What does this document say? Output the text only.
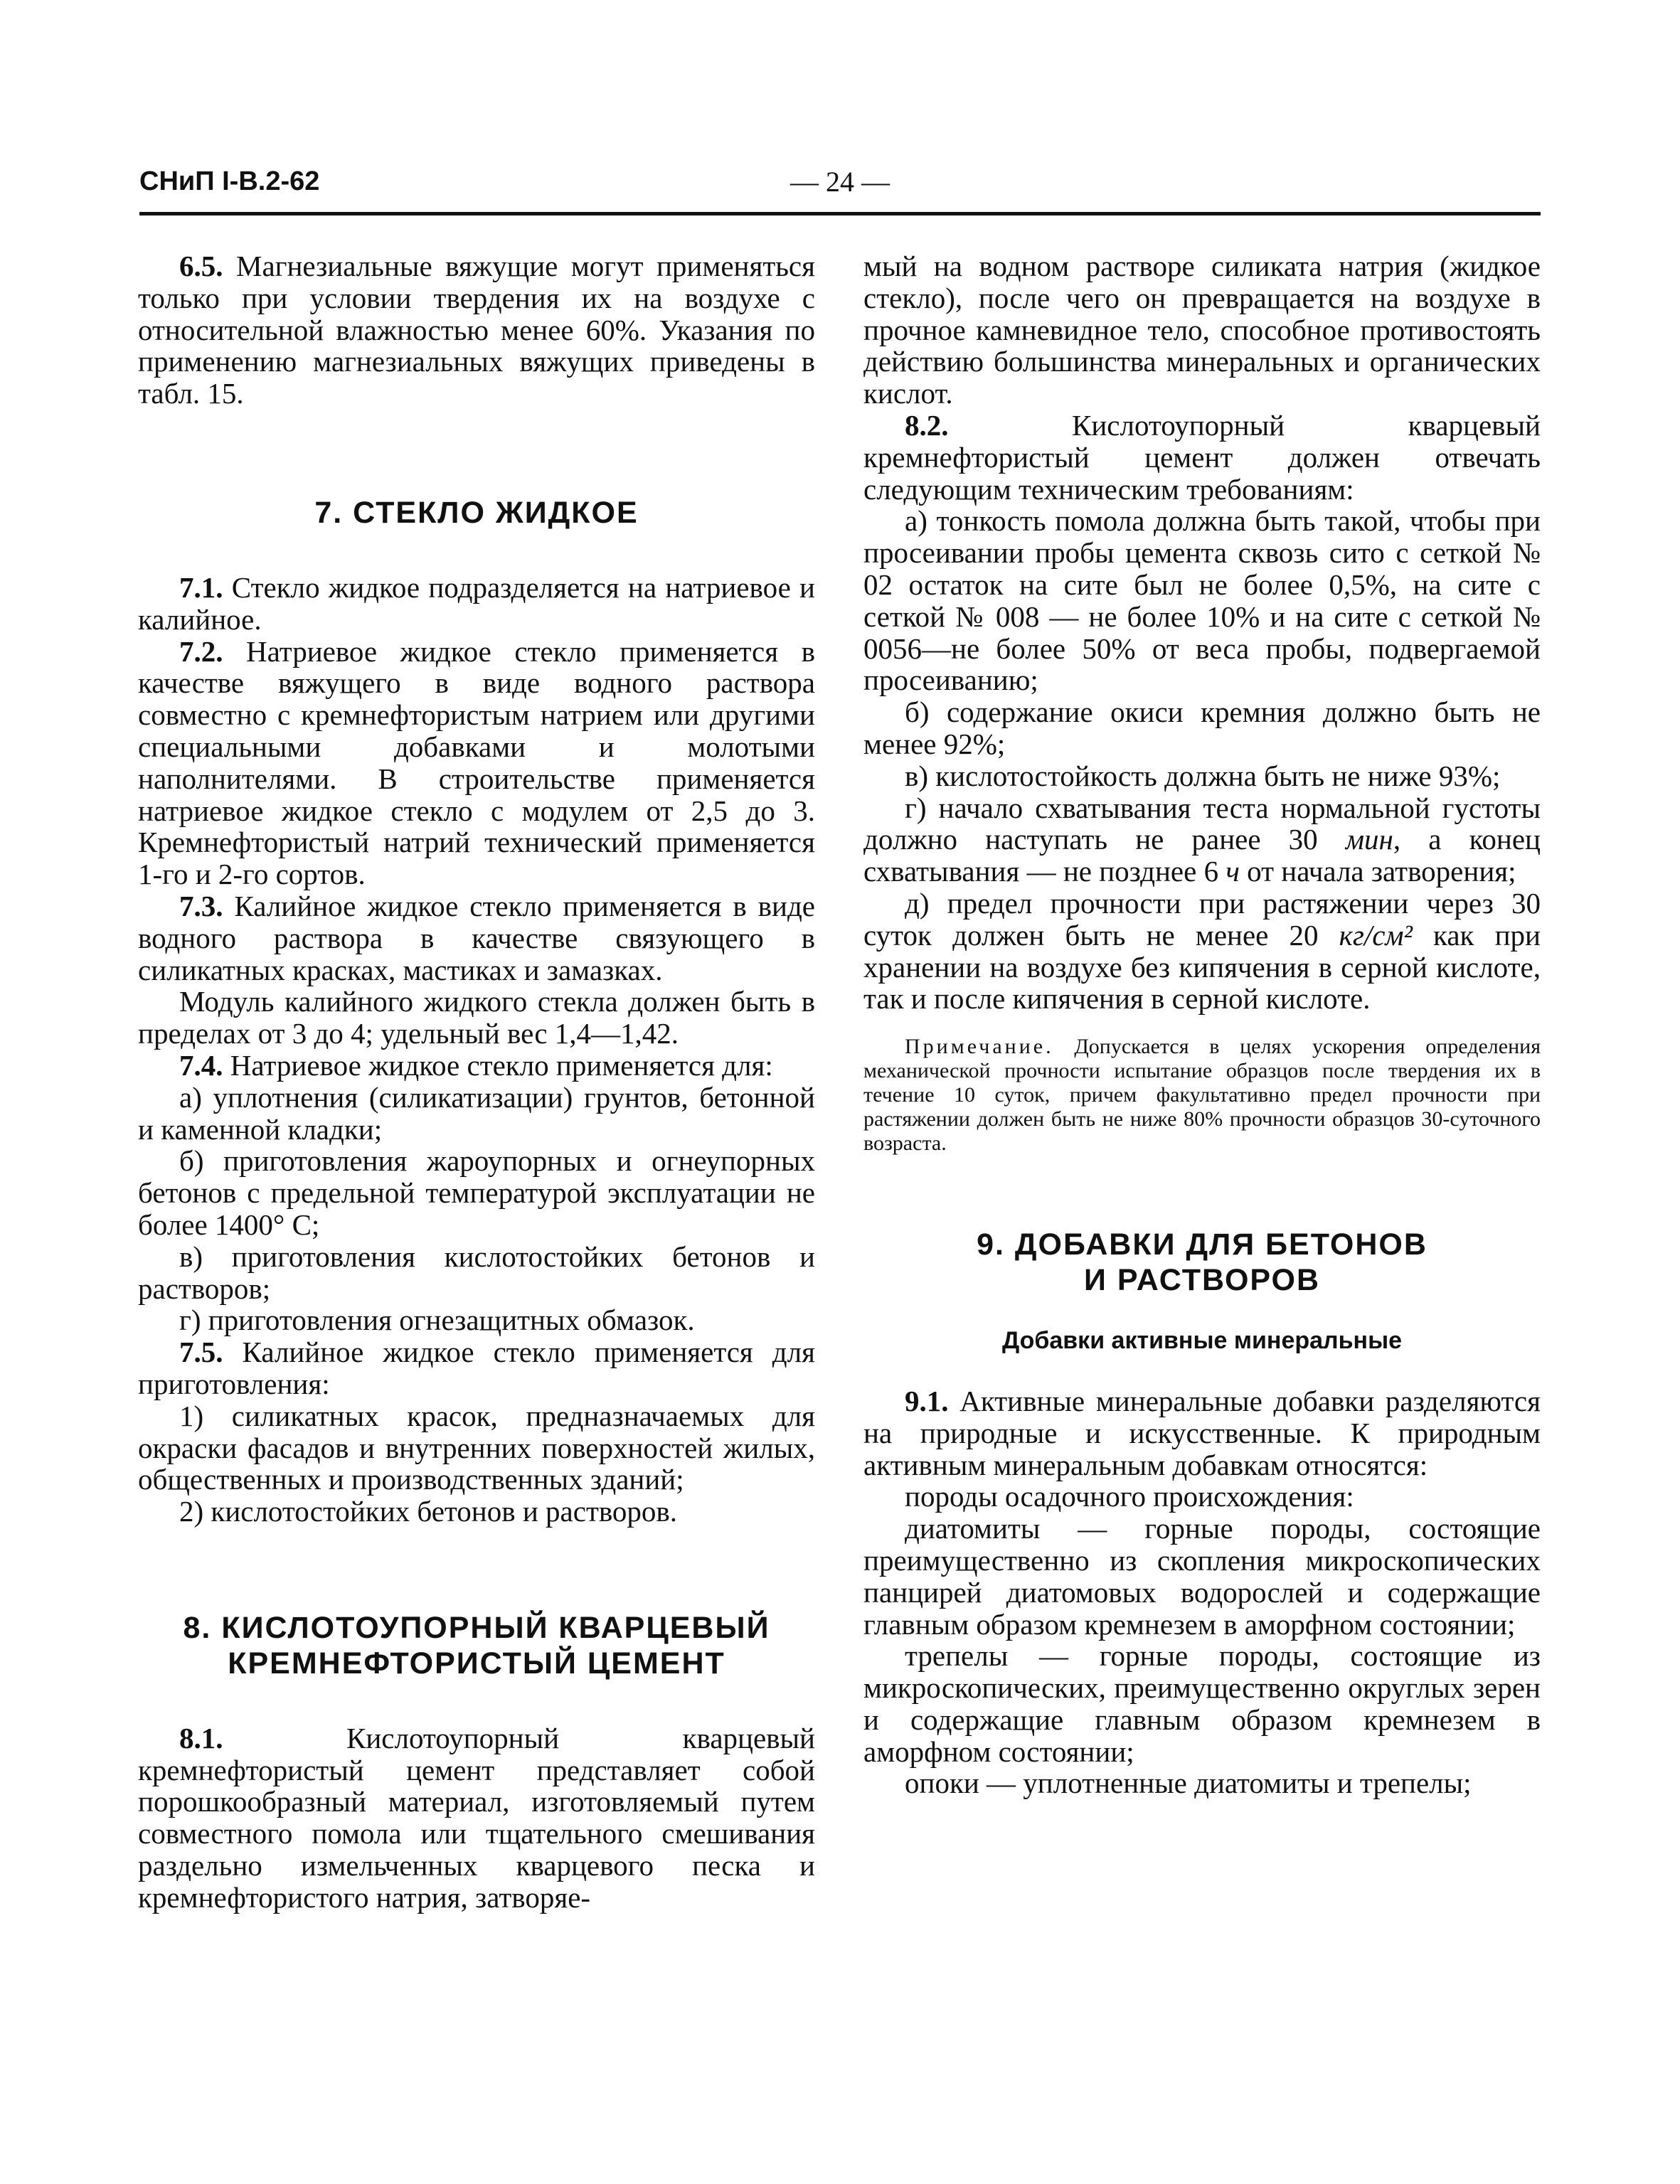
СНиП I-В.2-62	— 24 —

6.5. Магнезиальные вяжущие могут применяться только при условии твердения их на воздухе с относительной влажностью менее 60%. Указания по применению магнезиальных вяжущих приведены в табл. 15.

7. СТЕКЛО ЖИДКОЕ

7.1. Стекло жидкое подразделяется на натриевое и калийное.

7.2. Натриевое жидкое стекло применяется в качестве вяжущего в виде водного раствора совместно с кремнефтористым натрием или другими специальными добавками и молотыми наполнителями. В строительстве применяется натриевое жидкое стекло с модулем от 2,5 до 3. Кремнефтористый натрий технический применяется 1-го и 2-го сортов.

7.3. Калийное жидкое стекло применяется в виде водного раствора в качестве связующего в силикатных красках, мастиках и замазках.

Модуль калийного жидкого стекла должен быть в пределах от 3 до 4; удельный вес 1,4—1,42.

7.4. Натриевое жидкое стекло применяется для:

а) уплотнения (силикатизации) грунтов, бетонной и каменной кладки;

б) приготовления жароупорных и огнеупорных бетонов с предельной температурой эксплуатации не более 1400° С;

в) приготовления кислотостойких бетонов и растворов;

г) приготовления огнезащитных обмазок.

7.5. Калийное жидкое стекло применяется для приготовления:

1) силикатных красок, предназначаемых для окраски фасадов и внутренних поверхностей жилых, общественных и производственных зданий;

2) кислотостойких бетонов и растворов.

8. КИСЛОТОУПОРНЫЙ КВАРЦЕВЫЙ
КРЕМНЕФТОРИСТЫЙ ЦЕМЕНТ

8.1. Кислотоупорный кварцевый кремнефтористый цемент представляет собой порошкообразный материал, изготовляемый путем совместного помола или тщательного смешивания раздельно измельченных кварцевого песка и кремнефтористого натрия, затворяе-

мый на водном растворе силиката натрия (жидкое стекло), после чего он превращается на воздухе в прочное камневидное тело, способное противостоять действию большинства минеральных и органических кислот.

8.2. Кислотоупорный кварцевый кремнефтористый цемент должен отвечать следующим техническим требованиям:

а) тонкость помола должна быть такой, чтобы при просеивании пробы цемента сквозь сито с сеткой № 02 остаток на сите был не более 0,5%, на сите с сеткой № 008 — не более 10% и на сите с сеткой № 0056—не более 50% от веса пробы, подвергаемой просеиванию;

б) содержание окиси кремния должно быть не менее 92%;

в) кислотостойкость должна быть не ниже 93%;

г) начало схватывания теста нормальной густоты должно наступать не ранее 30 мин, а конец схватывания — не позднее 6 ч от начала затворения;

д) предел прочности при растяжении через 30 суток должен быть не менее 20 кг/см² как при хранении на воздухе без кипячения в серной кислоте, так и после кипячения в серной кислоте.

Примечание. Допускается в целях ускорения определения механической прочности испытание образцов после твердения их в течение 10 суток, причем факультативно предел прочности при растяжении должен быть не ниже 80% прочности образцов 30-суточного возраста.

9. ДОБАВКИ ДЛЯ БЕТОНОВ
И РАСТВОРОВ
Добавки активные минеральные

9.1. Активные минеральные добавки разделяются на природные и искусственные. К природным активным минеральным добавкам относятся:

породы осадочного происхождения:

диатомиты — горные породы, состоящие преимущественно из скопления микроскопических панцирей диатомовых водорослей и содержащие главным образом кремнезем в аморфном состоянии;

трепелы — горные породы, состоящие из микроскопических, преимущественно округлых зерен и содержащие главным образом кремнезем в аморфном состоянии;

опоки — уплотненные диатомиты и трепелы;
